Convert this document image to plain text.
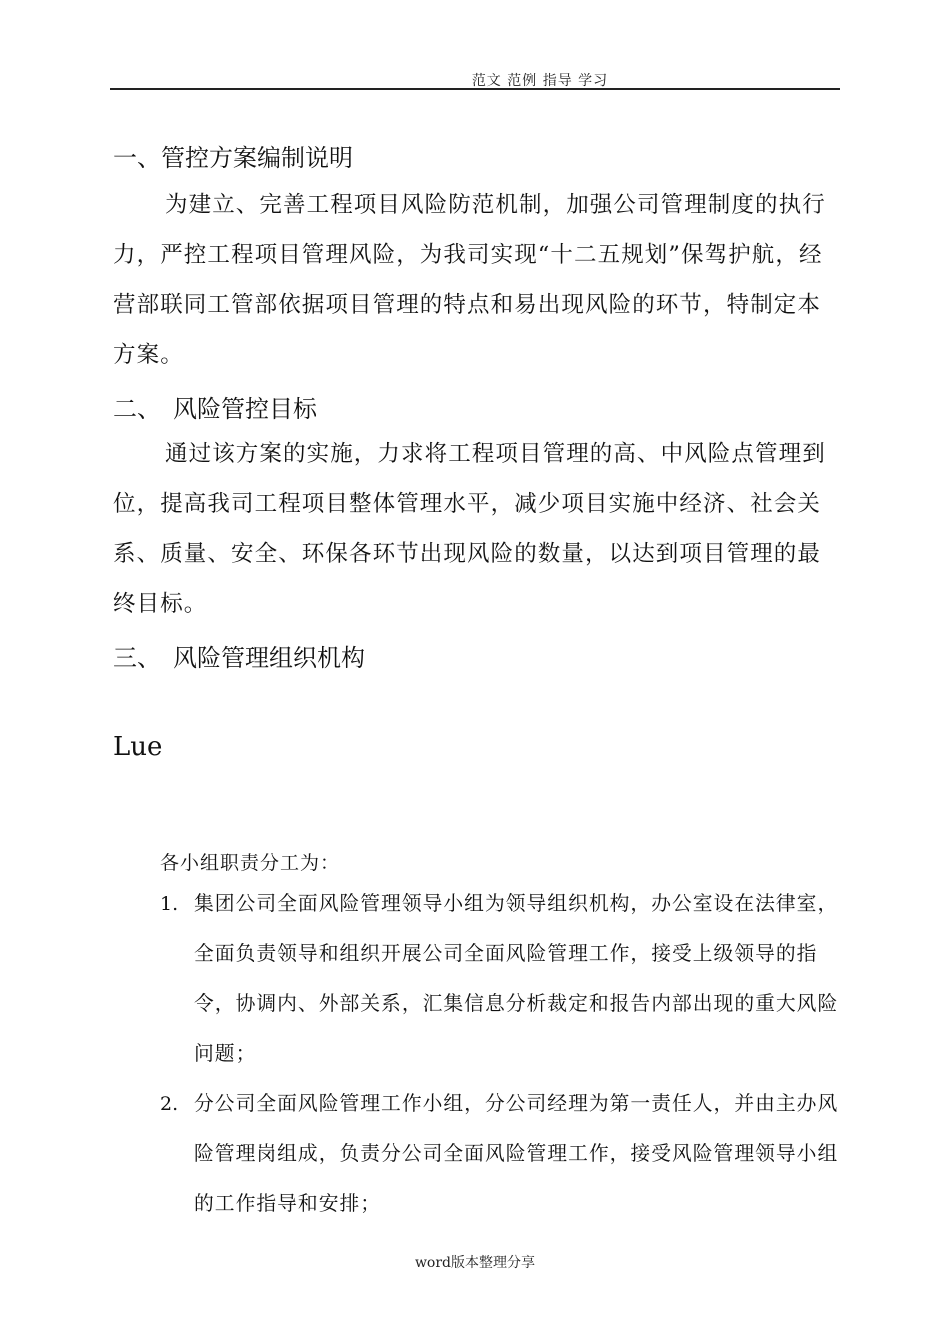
范文 范例 指导 学习
一、管控方案编制说明

为建立、完善工程项目风险防范机制，加强公司管理制度的执行力，严控工程项目管理风险，为我司实现“十二五规划”保驾护航，经营部联同工管部依据项目管理的特点和易出现风险的环节，特制定本方案。

二、　风险管控目标

通过该方案的实施，力求将工程项目管理的高、中风险点管理到位，提高我司工程项目整体管理水平，减少项目实施中经济、社会关系、质量、安全、环保各环节出现风险的数量，以达到项目管理的最终目标。

三、　风险管理组织机构
Lue
各小组职责分工为：
1. 集团公司全面风险管理领导小组为领导组织机构，办公室设在法律室，全面负责领导和组织开展公司全面风险管理工作，接受上级领导的指令，协调内、外部关系，汇集信息分析裁定和报告内部出现的重大风险问题；

2. 分公司全面风险管理工作小组，分公司经理为第一责任人，并由主办风险管理岗组成，负责分公司全面风险管理工作，接受风险管理领导小组的工作指导和安排；

word版本整理分享
